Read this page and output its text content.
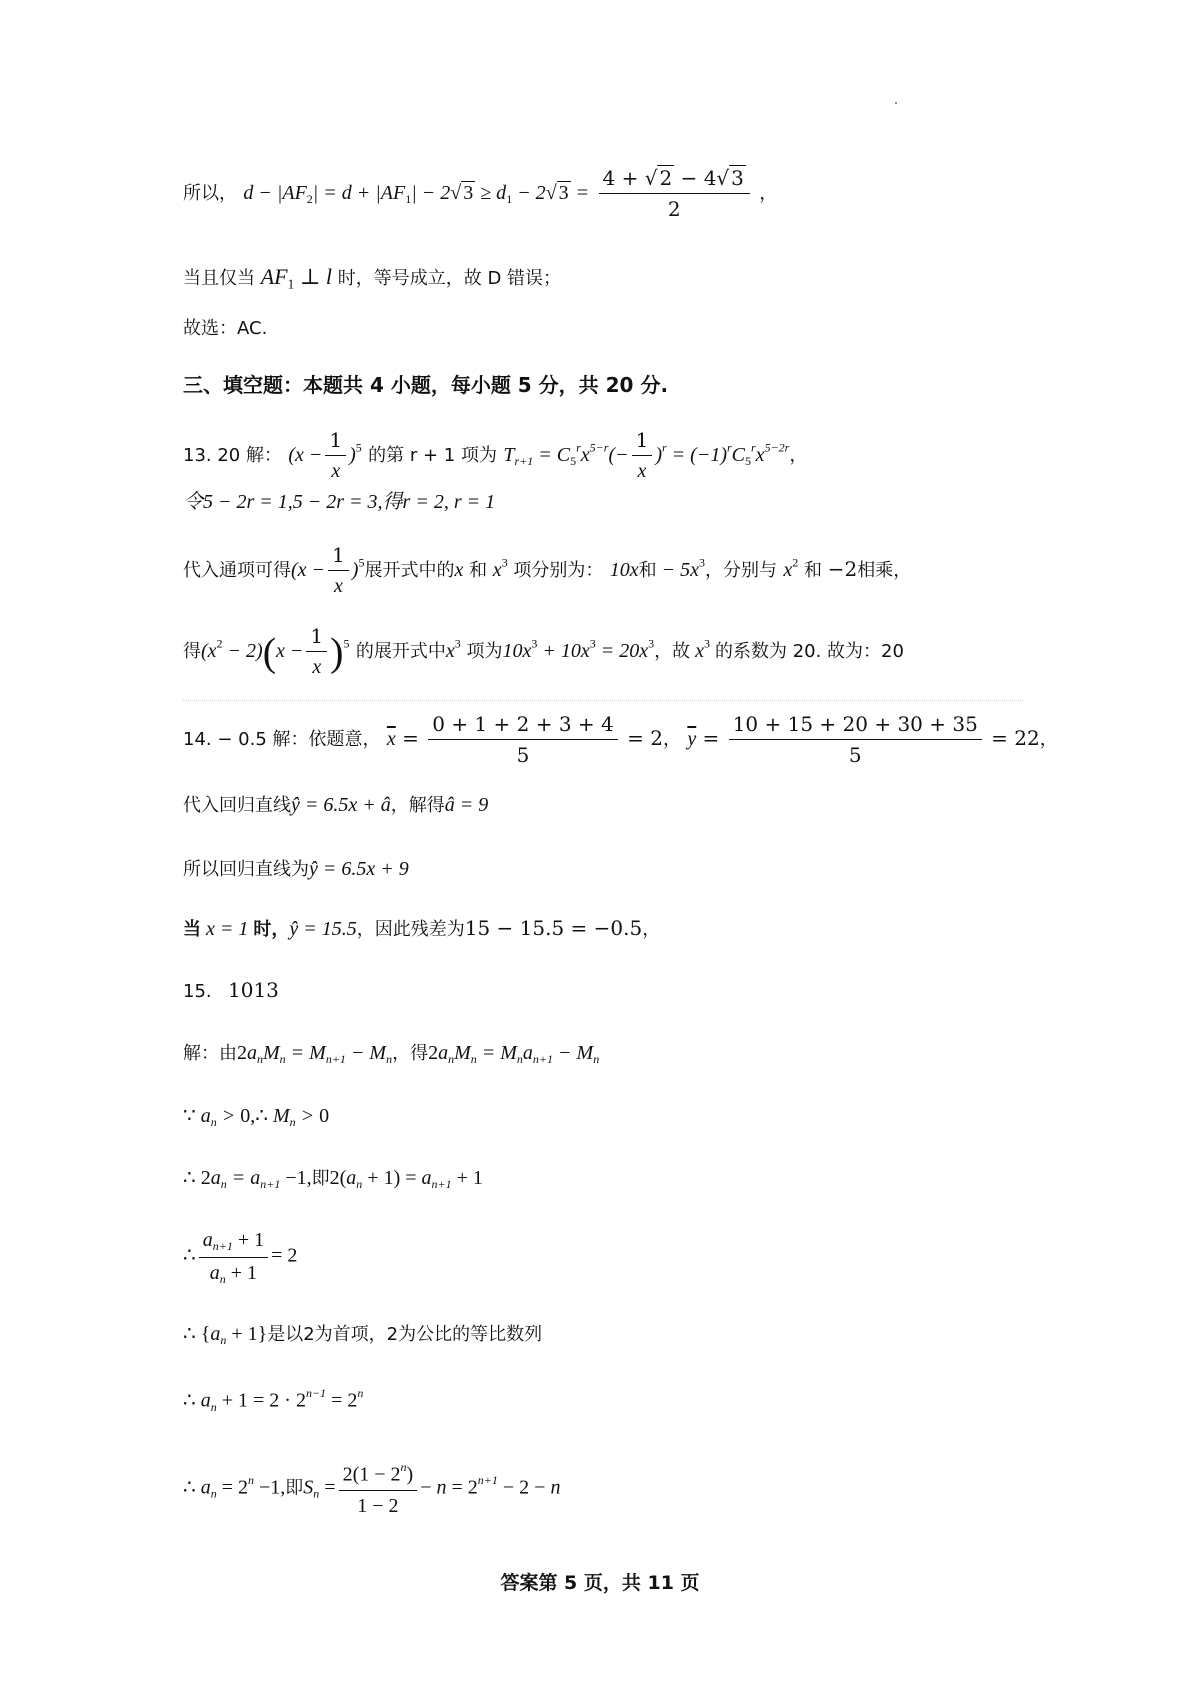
所以， $d - |AF_2| = d + |AF_1| - 2√$ $3 \ge d_1 - 2√$ $3 = \frac{4 + √ 2 - 4√ 3}{2}$ ，
当且仅当 $AF_1$ ⊥ l 时，等号成立，故 D 错误；
故选：AC.
三、填空题：本题共 4 小题，每小题 5 分，共 20 分.
13. 20 解： $(x - \frac{1}{x} )^5$ 的第 r + 1 项为 $T_{r+1} = C_5^rx^{5-r}(- \frac{1}{x} )^r = (-1)^rC_5^rx^{5-2r}$，
令5 − 2r = 1,5 − 2r = 3,得r = 2, r = 1
代入通项可得$(x - \frac{1}{x} )^5$展开式中的x 和 $x^3$ 项分别为： 10x和 − $5x^3$，分别与 $x^2$ 和 −2相乘，
得$(x^2 - 2)(x - \frac{1}{x} )^5$ 的展开式中$x^3$ 项为$10x^3 + 10x^3 = 20x^3$，故 $x^3$ 的系数为 20. 故为：20
14. − 0.5 解：依题意， $\overline{x} = \frac{0 + 1 + 2 + 3 + 4}{5} = 2$， $\overline{y} = \frac{10 + 15 + 20 + 30 + 35}{5} = 22$，
代入回归直线ŷ = 6.5x + â，解得â = 9
所以回归直线为ŷ = 6.5x + 9
当 x = 1 时，ŷ = 15.5，因此残差为15 − 15.5 = −0.5，
15. 1013
解：由$2a_nM_n = M_{n+1} - M_n$，得$2a_nM_n = M_na_{n+1} - M_n$
∵ $a_n$ > 0,∴ $M_n > 0$
∴ $2a_n = a_{n+1} -1$,即$2(a_n + 1) = a_{n+1} + 1$
∴ $\frac{a_{n+1} + 1}{a_n + 1} = 2$
∴ $\{a_n + 1\}$是以2为首项，2为公比的等比数列
∴ $a_n + 1 = 2 \cdot 2^{n-1} = 2^n$
∴ $a_n = 2^n -1$,即$S_n = \frac{2(1 - 2^n)}{1 - 2} - n = 2^{n+1} - 2 - n$
答案第 5 页，共 11 页
